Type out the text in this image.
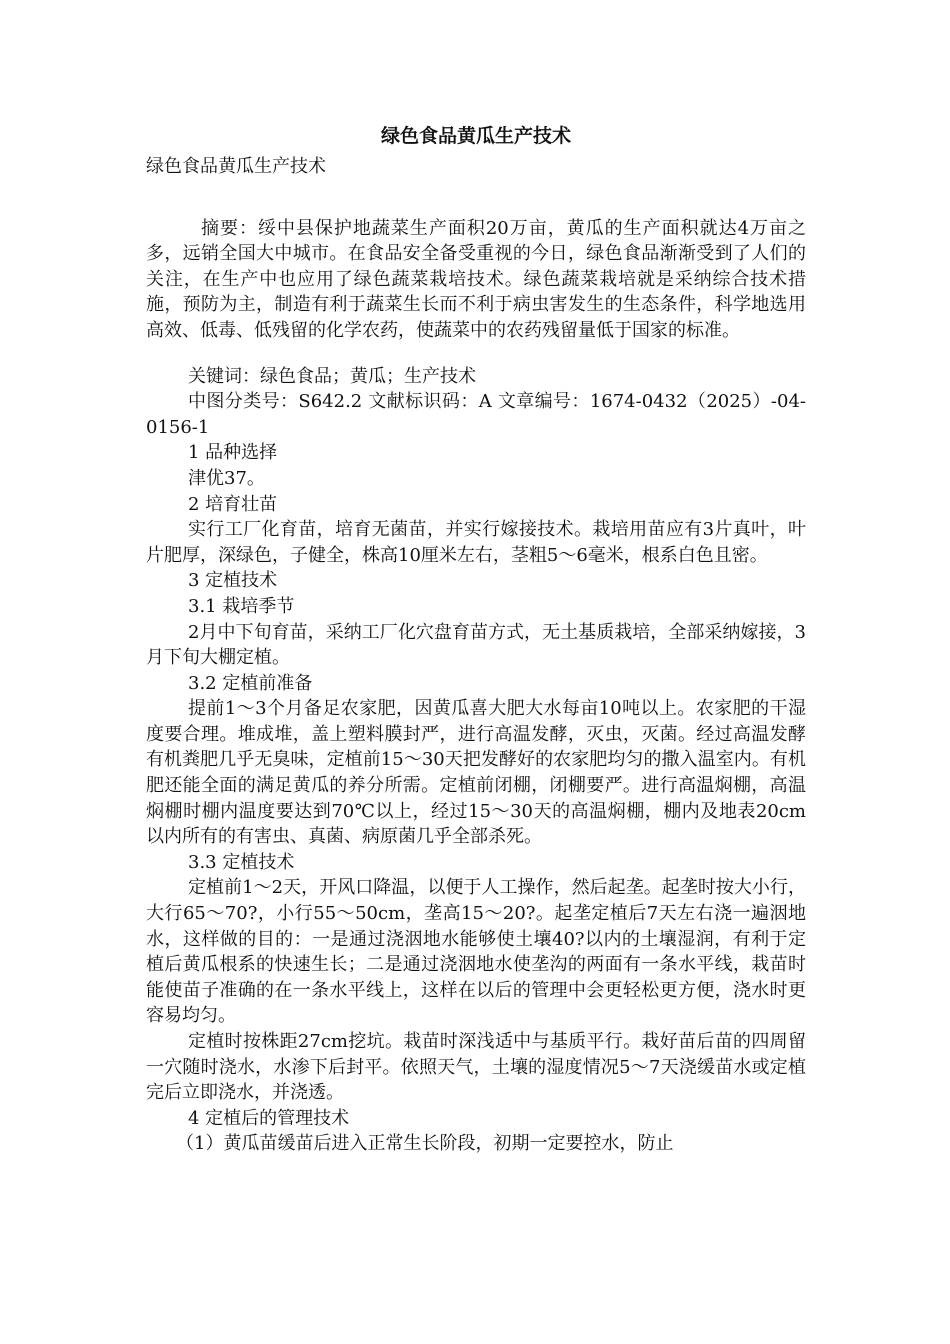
绿色食品黄瓜生产技术

绿色食品黄瓜生产技术

摘要：绥中县保护地蔬菜生产面积20万亩，黄瓜的生产面积就达4万亩之多，远销全国大中城市。在食品安全备受重视的今日，绿色食品渐渐受到了人们的关注，在生产中也应用了绿色蔬菜栽培技术。绿色蔬菜栽培就是采纳综合技术措施，预防为主，制造有利于蔬菜生长而不利于病虫害发生的生态条件，科学地选用高效、低毒、低残留的化学农药，使蔬菜中的农药残留量低于国家的标准。

关键词：绿色食品；黄瓜；生产技术

中图分类号：S642.2 文献标识码：A 文章编号：1674-0432（2025）-04-0156-1

1 品种选择

津优37。

2 培育壮苗

实行工厂化育苗，培育无菌苗，并实行嫁接技术。栽培用苗应有3片真叶，叶片肥厚，深绿色，子健全，株高10厘米左右，茎粗5～6毫米，根系白色且密。

3 定植技术

3.1 栽培季节

2月中下旬育苗，采纳工厂化穴盘育苗方式，无土基质栽培，全部采纳嫁接，3月下旬大棚定植。

3.2 定植前准备

提前1～3个月备足农家肥，因黄瓜喜大肥大水每亩10吨以上。农家肥的干湿度要合理。堆成堆，盖上塑料膜封严，进行高温发酵，灭虫，灭菌。经过高温发酵有机粪肥几乎无臭味，定植前15～30天把发酵好的农家肥均匀的撒入温室内。有机肥还能全面的满足黄瓜的养分所需。定植前闭棚，闭棚要严。进行高温焖棚，高温焖棚时棚内温度要达到70℃以上，经过15～30天的高温焖棚，棚内及地表20cm以内所有的有害虫、真菌、病原菌几乎全部杀死。

3.3 定植技术

定植前1～2天，开风口降温，以便于人工操作，然后起垄。起垄时按大小行，大行65～70?，小行55～50cm，垄高15～20?。起垄定植后7天左右浇一遍洇地水，这样做的目的：一是通过浇洇地水能够使土壤40?以内的土壤湿润，有利于定植后黄瓜根系的快速生长；二是通过浇洇地水使垄沟的两面有一条水平线，栽苗时能使苗子准确的在一条水平线上，这样在以后的管理中会更轻松更方便，浇水时更容易均匀。

定植时按株距27cm挖坑。栽苗时深浅适中与基质平行。栽好苗后苗的四周留一穴随时浇水，水渗下后封平。依照天气，土壤的湿度情况5～7天浇缓苗水或定植完后立即浇水，并浇透。

4 定植后的管理技术

（1）黄瓜苗缓苗后进入正常生长阶段，初期一定要控水，防止
